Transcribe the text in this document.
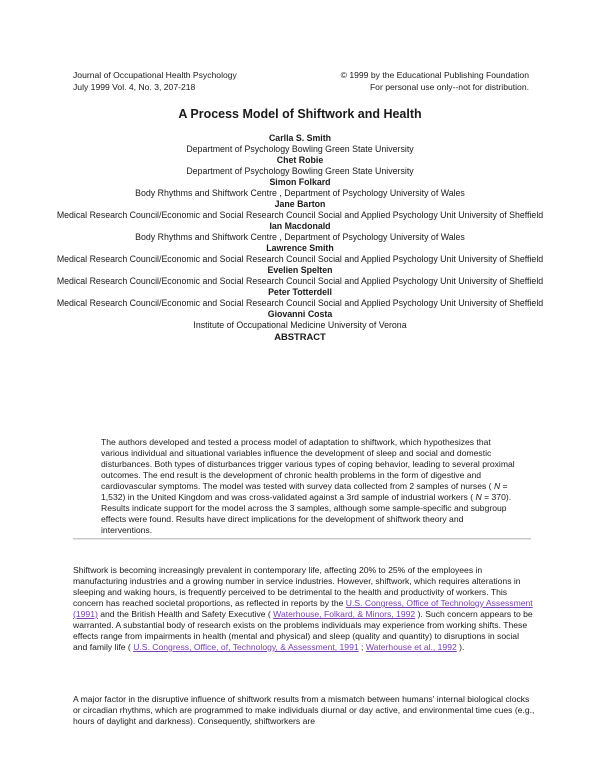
Journal of Occupational Health Psychology
July 1999 Vol. 4, No. 3, 207-218
© 1999 by the Educational Publishing Foundation
For personal use only--not for distribution.
A Process Model of Shiftwork and Health
Carlla S. Smith
Department of Psychology Bowling Green State University
Chet Robie
Department of Psychology Bowling Green State University
Simon Folkard
Body Rhythms and Shiftwork Centre , Department of Psychology University of Wales
Jane Barton
Medical Research Council/Economic and Social Research Council Social and Applied Psychology Unit University of Sheffield
Ian Macdonald
Body Rhythms and Shiftwork Centre , Department of Psychology University of Wales
Lawrence Smith
Medical Research Council/Economic and Social Research Council Social and Applied Psychology Unit University of Sheffield
Evelien Spelten
Medical Research Council/Economic and Social Research Council Social and Applied Psychology Unit University of Sheffield
Peter Totterdell
Medical Research Council/Economic and Social Research Council Social and Applied Psychology Unit University of Sheffield
Giovanni Costa
Institute of Occupational Medicine University of Verona
ABSTRACT

The authors developed and tested a process model of adaptation to shiftwork, which hypothesizes that various individual and situational variables influence the development of sleep and social and domestic disturbances. Both types of disturbances trigger various types of coping behavior, leading to several proximal outcomes. The end result is the development of chronic health problems in the form of digestive and cardiovascular symptoms. The model was tested with survey data collected from 2 samples of nurses ( N = 1,532) in the United Kingdom and was cross-validated against a 3rd sample of industrial workers ( N = 370). Results indicate support for the model across the 3 samples, although some sample-specific and subgroup effects were found. Results have direct implications for the development of shiftwork theory and interventions.

Shiftwork is becoming increasingly prevalent in contemporary life, affecting 20% to 25% of the employees in manufacturing industries and a growing number in service industries. However, shiftwork, which requires alterations in sleeping and waking hours, is frequently perceived to be detrimental to the health and productivity of workers. This concern has reached societal proportions, as reflected in reports by the U.S. Congress, Office of Technology Assessment (1991) and the British Health and Safety Executive ( Waterhouse, Folkard, & Minors, 1992 ). Such concern appears to be warranted. A substantial body of research exists on the problems individuals may experience from working shifts. These effects range from impairments in health (mental and physical) and sleep (quality and quantity) to disruptions in social and family life ( U.S. Congress, Office, of, Technology, & Assessment, 1991 ; Waterhouse et al., 1992 ).

A major factor in the disruptive influence of shiftwork results from a mismatch between humans' internal biological clocks or circadian rhythms, which are programmed to make individuals diurnal or day active, and environmental time cues (e.g., hours of daylight and darkness). Consequently, shiftworkers are
